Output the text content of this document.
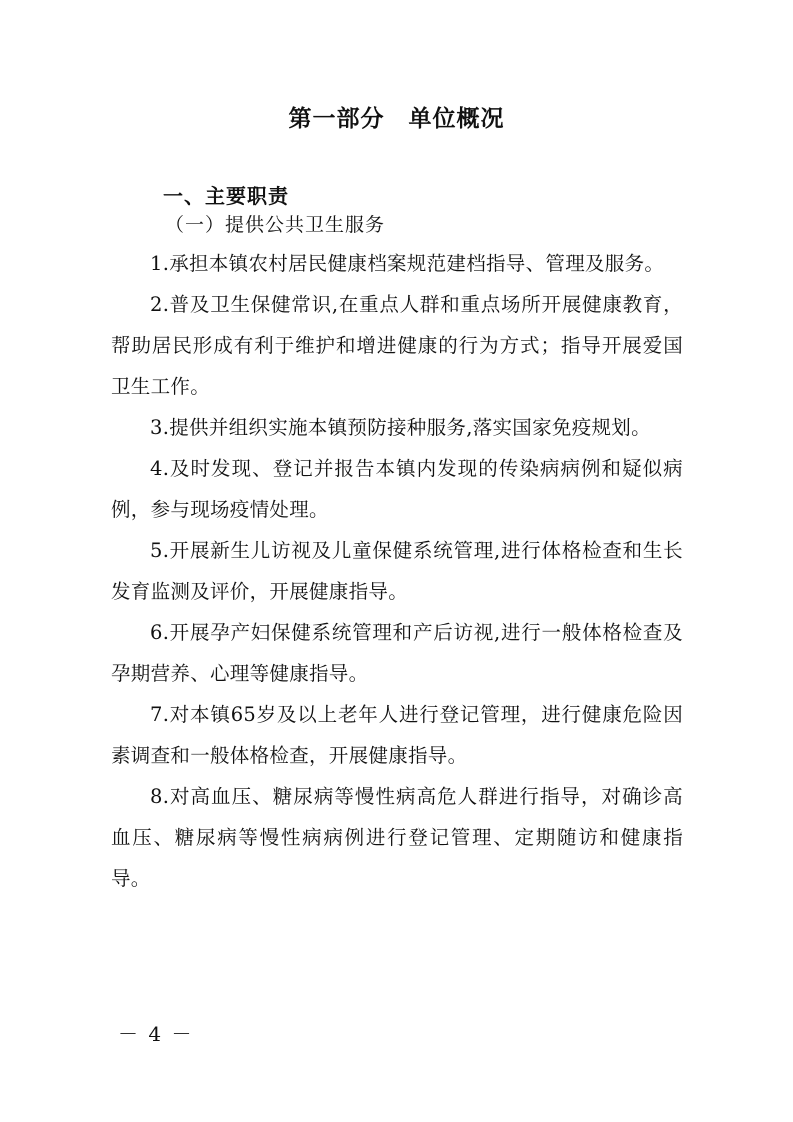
第一部分　单位概况
一、主要职责
（一）提供公共卫生服务

1.承担本镇农村居民健康档案规范建档指导、管理及服务。

2.普及卫生保健常识,在重点人群和重点场所开展健康教育，帮助居民形成有利于维护和增进健康的行为方式；指导开展爱国卫生工作。

3.提供并组织实施本镇预防接种服务,落实国家免疫规划。

4.及时发现、登记并报告本镇内发现的传染病病例和疑似病例，参与现场疫情处理。

5.开展新生儿访视及儿童保健系统管理,进行体格检查和生长发育监测及评价，开展健康指导。

6.开展孕产妇保健系统管理和产后访视,进行一般体格检查及孕期营养、心理等健康指导。

7.对本镇65岁及以上老年人进行登记管理，进行健康危险因素调查和一般体格检查，开展健康指导。

8.对高血压、糖尿病等慢性病高危人群进行指导，对确诊高血压、糖尿病等慢性病病例进行登记管理、定期随访和健康指导。

－ 4 －
